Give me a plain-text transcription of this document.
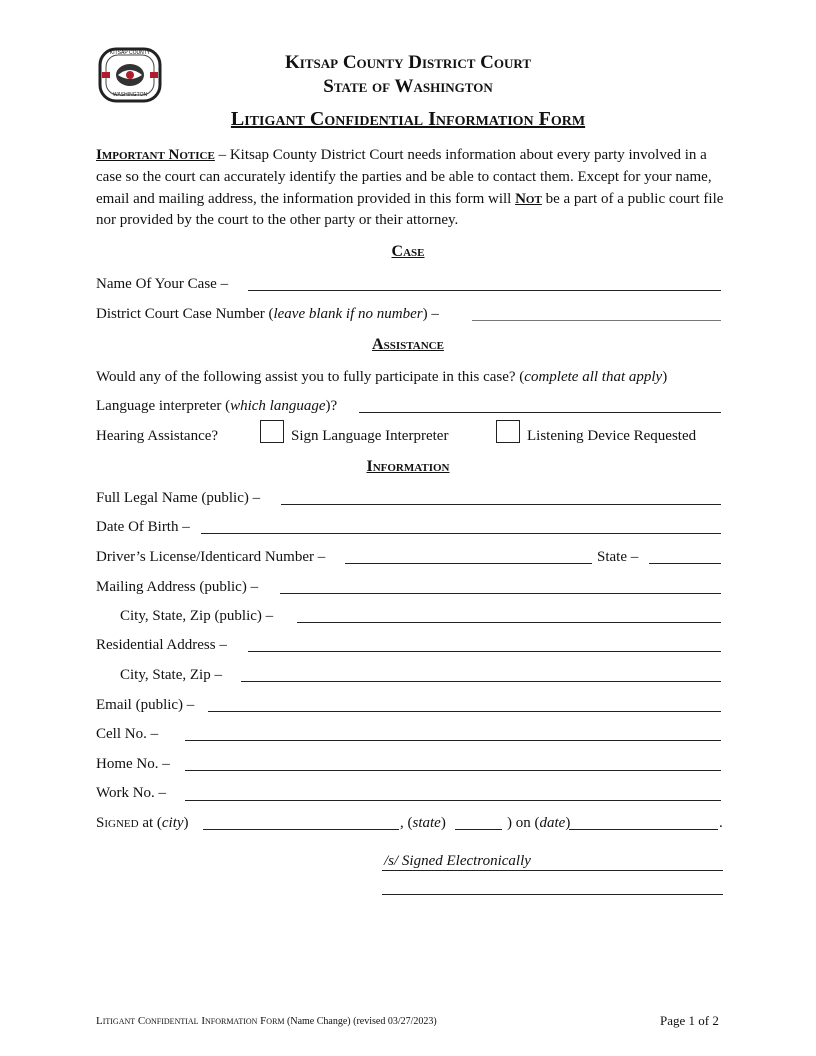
KITSAP COUNTY
WASHINGTON
Kitsap County District Court
State of Washington
Litigant Confidential Information Form
Important Notice – Kitsap County District Court needs information about every party involved in a case so the court can accurately identify the parties and be able to contact them. Except for your name, email and mailing address, the information provided in this form will Not be a part of a public court file nor provided by the court to the other party or their attorney.
Case
Name Of Your Case –
District Court Case Number (leave blank if no number) –
Assistance
Would any of the following assist you to fully participate in this case? (complete all that apply)
Language interpreter (which language)?
Hearing Assistance?	Sign Language Interpreter	Listening Device Requested
Information
Full Legal Name (public) –
Date Of Birth –
Driver’s License/Identicard Number –	State –
Mailing Address (public) –
City, State, Zip (public) –
Residential Address –
City, State, Zip –
Email (public) –
Cell No. –
Home No. –
Work No. –
Signed at (city)	, (state)	) on (date)	.
/s/ Signed Electronically
Litigant Confidential Information Form (Name Change) (revised 03/27/2023)	Page 1 of 2
